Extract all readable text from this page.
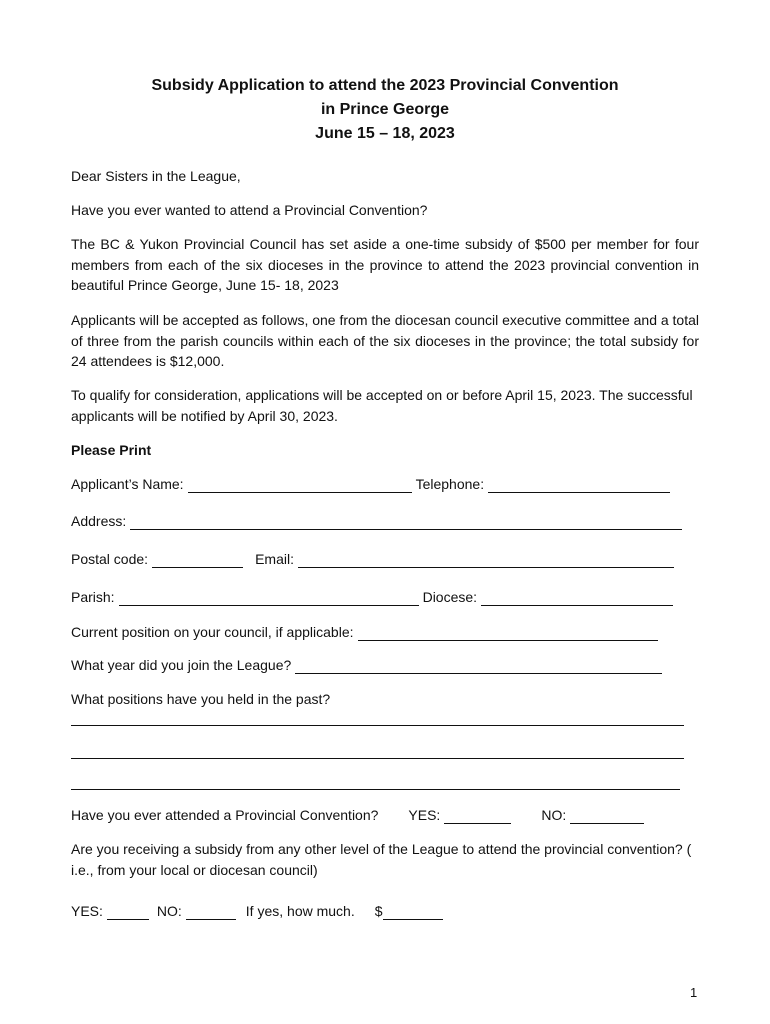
Subsidy Application to attend the 2023 Provincial Convention
in Prince George
June 15 – 18, 2023

Dear Sisters in the League,

Have you ever wanted to attend a Provincial Convention?

The BC & Yukon Provincial Council has set aside a one-time subsidy of $500 per member for four members from each of the six dioceses in the province to attend the 2023 provincial convention in beautiful Prince George, June 15- 18, 2023

Applicants will be accepted as follows, one from the diocesan council executive committee and a total of three from the parish councils within each of the six dioceses in the province; the total subsidy for 24 attendees is $12,000.

To qualify for consideration, applications will be accepted on or before April 15, 2023. The successful applicants will be notified by April 30, 2023.

Please Print

Applicant’s Name:	Telephone:
Address:
Postal code:	Email:
Parish:	Diocese:
Current position on your council, if applicable:
What year did you join the League?
What positions have you held in the past?
Have you ever attended a Provincial Convention? YES:	NO:

Are you receiving a subsidy from any other level of the League to attend the provincial convention? ( i.e., from your local or diocesan council)

YES:	NO:	If yes, how much. $
1
